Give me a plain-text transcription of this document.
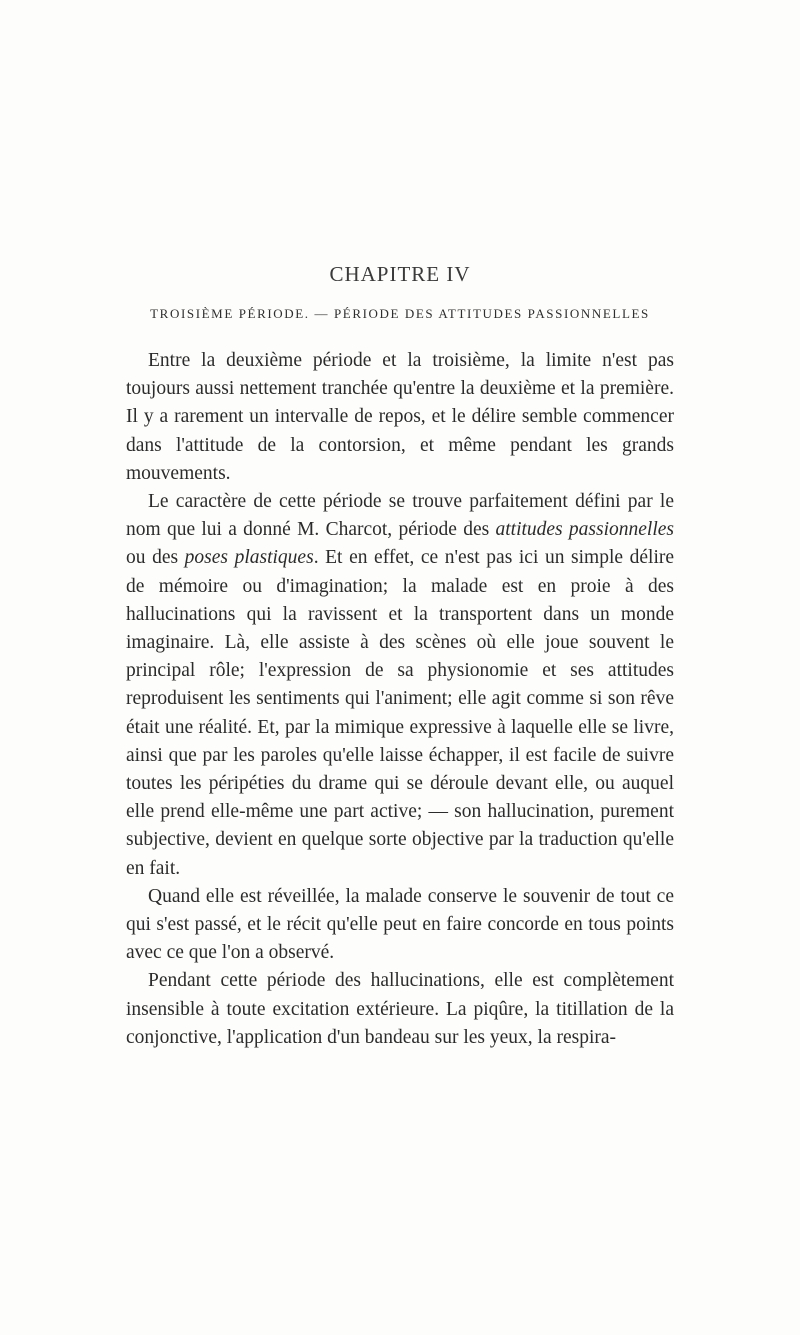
CHAPITRE IV
TROISIÈME PÉRIODE. — PÉRIODE DES ATTITUDES PASSIONNELLES

Entre la deuxième période et la troisième, la limite n'est pas toujours aussi nettement tranchée qu'entre la deuxième et la première. Il y a rarement un intervalle de repos, et le délire semble commencer dans l'attitude de la contorsion, et même pendant les grands mouvements.

Le caractère de cette période se trouve parfaitement défini par le nom que lui a donné M. Charcot, période des attitudes passionnelles ou des poses plastiques. Et en effet, ce n'est pas ici un simple délire de mémoire ou d'imagination; la malade est en proie à des hallucinations qui la ravissent et la transportent dans un monde imaginaire. Là, elle assiste à des scènes où elle joue souvent le principal rôle; l'expression de sa physionomie et ses attitudes reproduisent les sentiments qui l'animent; elle agit comme si son rêve était une réalité. Et, par la mimique expressive à laquelle elle se livre, ainsi que par les paroles qu'elle laisse échapper, il est facile de suivre toutes les péripéties du drame qui se déroule devant elle, ou auquel elle prend elle-même une part active; — son hallucination, purement subjective, devient en quelque sorte objective par la traduction qu'elle en fait.

Quand elle est réveillée, la malade conserve le souvenir de tout ce qui s'est passé, et le récit qu'elle peut en faire concorde en tous points avec ce que l'on a observé.

Pendant cette période des hallucinations, elle est complètement insensible à toute excitation extérieure. La piqûre, la titillation de la conjonctive, l'application d'un bandeau sur les yeux, la respira-
